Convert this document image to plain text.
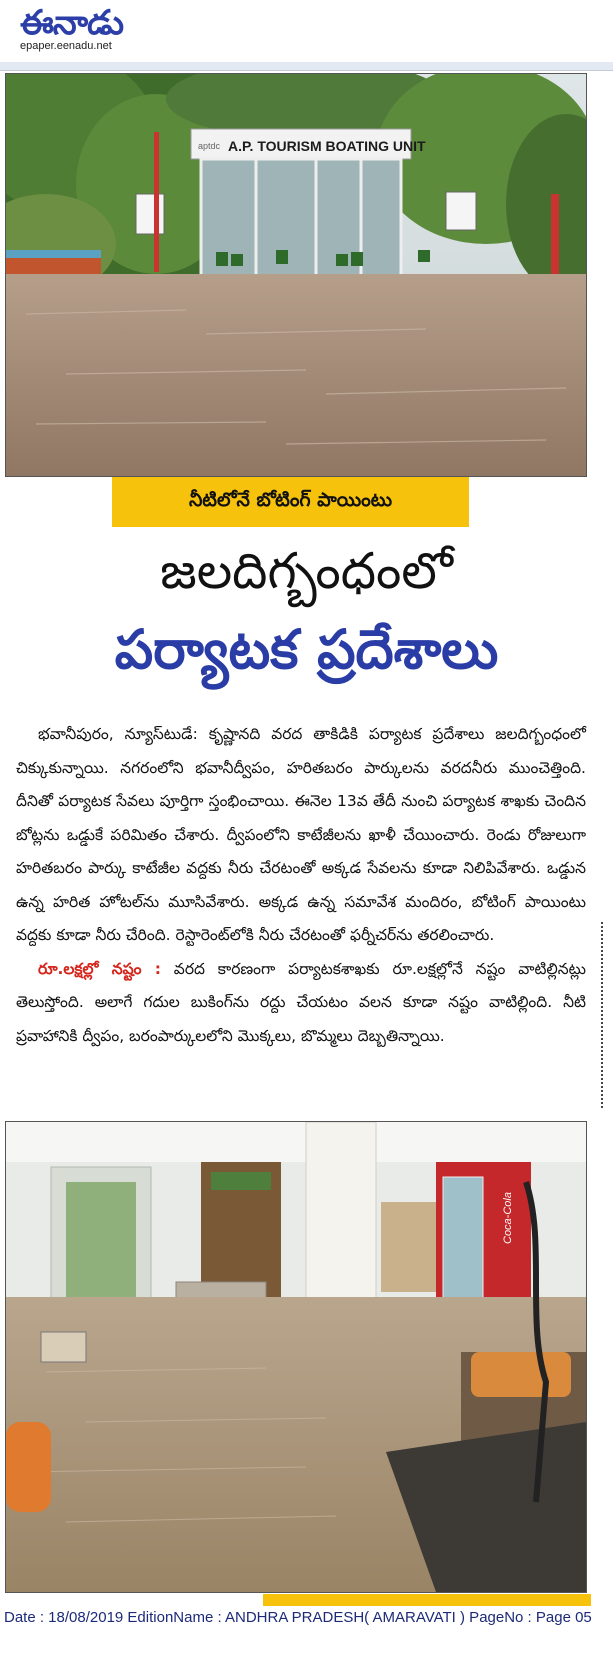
ఈనాడు
epaper.eenadu.net
aptdc A.P. TOURISM BOATING UNIT
నీటిలోనే బోటింగ్ పాయింటు
జలదిగ్బంధంలో
పర్యాటక ప్రదేశాలు

భవానీపురం, న్యూస్‌టుడే: కృష్ణానది వరద తాకిడికి పర్యాటక ప్రదేశాలు జలదిగ్బంధంలో చిక్కుకున్నాయి. నగరంలోని భవానీద్వీపం, హరితబరం పార్కులను వరదనీరు ముంచెత్తింది. దీనితో పర్యాటక సేవలు పూర్తిగా స్తంభించాయి. ఈనెల 13వ తేదీ నుంచి పర్యాటక శాఖకు చెందిన బోట్లను ఒడ్డుకే పరిమితం చేశారు. ద్వీపంలోని కాటేజీలను ఖాళీ చేయించారు. రెండు రోజులుగా హరితబరం పార్కు కాటేజీల వద్దకు నీరు చేరటంతో అక్కడ సేవలను కూడా నిలిపివేశారు. ఒడ్డున ఉన్న హరిత హోటల్‌ను మూసివేశారు. అక్కడ ఉన్న సమావేశ మందిరం, బోటింగ్ పాయింటు వద్దకు కూడా నీరు చేరింది. రెస్టారెంట్‌లోకి నీరు చేరటంతో ఫర్నీచర్‌ను తరలించారు.

రూ.లక్షల్లో నష్టం : వరద కారణంగా పర్యాటకశాఖకు రూ.లక్షల్లోనే నష్టం వాటిల్లినట్లు తెలుస్తోంది. అలాగే గదుల బుకింగ్‌ను రద్దు చేయటం వలన కూడా నష్టం వాటిల్లింది. నీటి ప్రవాహానికి ద్వీపం, బరంపార్కులలోని మొక్కలు, బొమ్మలు దెబ్బతిన్నాయి.

Coca-Cola
Date : 18/08/2019 EditionName : ANDHRA PRADESH( AMARAVATI ) PageNo : Page 05
